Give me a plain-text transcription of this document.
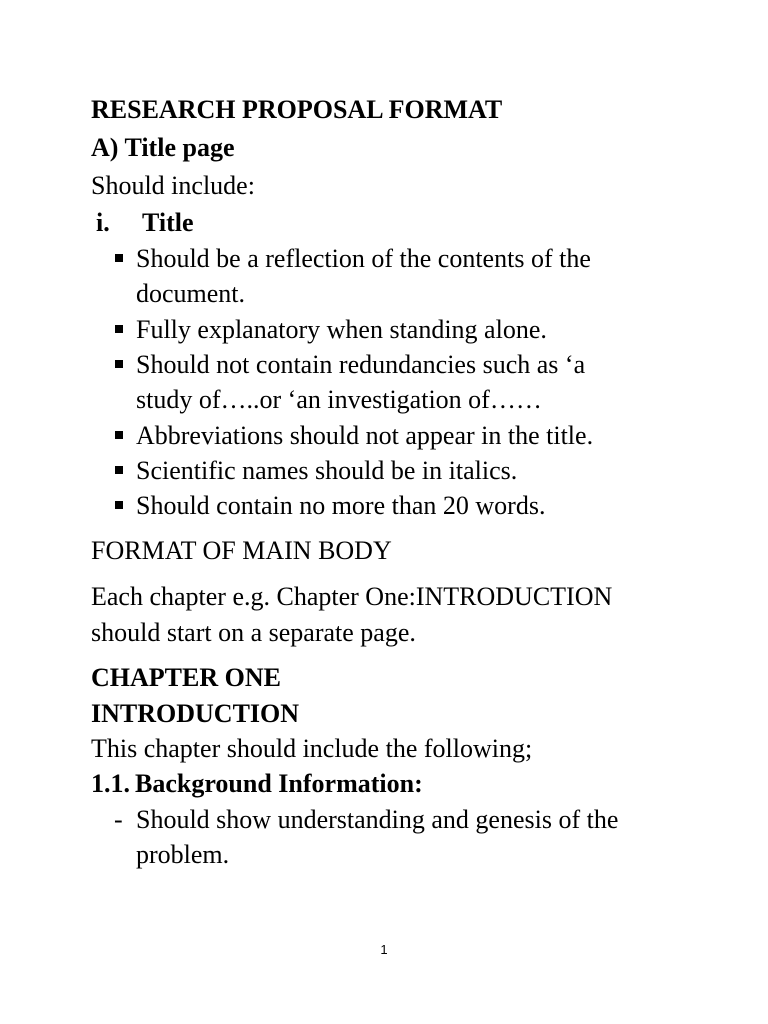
RESEARCH PROPOSAL FORMAT
A) Title page
Should include:
i. Title
Should be a reflection of the contents of the
document.
Fully explanatory when standing alone.
Should not contain redundancies such as ‘a
study of…..or ‘an investigation of……
Abbreviations should not appear in the title.
Scientific names should be in italics.
Should contain no more than 20 words.
FORMAT OF MAIN BODY
Each chapter e.g. Chapter One:INTRODUCTION
should start on a separate page.
CHAPTER ONE
INTRODUCTION
This chapter should include the following;
1.1. Background Information:
- Should show understanding and genesis of the
problem.
1
